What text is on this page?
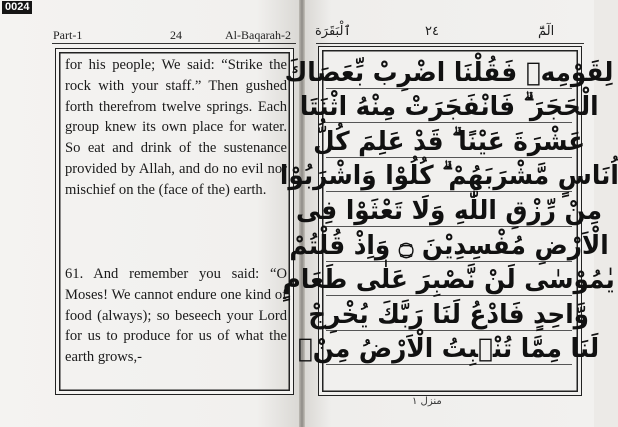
0024
Part-1	24	Al-Baqarah-2 ٱلْبَقَرَة	٢٤	الٓمّٓ

for his people; We said: “Strike the rock with your staff.” Then gushed forth therefrom twelve springs. Each group knew its own place for water. So eat and drink of the sustenance provided by Allah, and do no evil nor mischief on the (face of the) earth.

61. And remember you said: “O Moses! We cannot endure one kind of food (always); so beseech your Lord for us to produce for us of what the earth grows,-

لِقَوْمِهٖ فَقُلْنَا اضْرِبْ بِّعَصَاكَ
الْحَجَرَ ۗ فَانْفَجَرَتْ مِنْهُ اثْنَتَا
عَشْرَةَ عَيْنًا ۗ قَدْ عَلِمَ كُلُّ
اُنَاسٍ مَّشْرَبَهُمْ ۗ كُلُوْا وَاشْرَبُوْا
مِنْ رِّزْقِ اللّٰهِ وَلَا تَعْثَوْا فِى
الْاَرْضِ مُفْسِدِيْنَ ۝ وَاِذْ قُلْتُمْ
يٰمُوْسٰى لَنْ نَّصْبِرَ عَلٰى طَعَامٍ
وَّاحِدٍ فَادْعُ لَنَا رَبَّكَ يُخْرِجْ
لَنَا مِمَّا تُنْۢبِتُ الْاَرْضُ مِنْۢ
منزل ١
